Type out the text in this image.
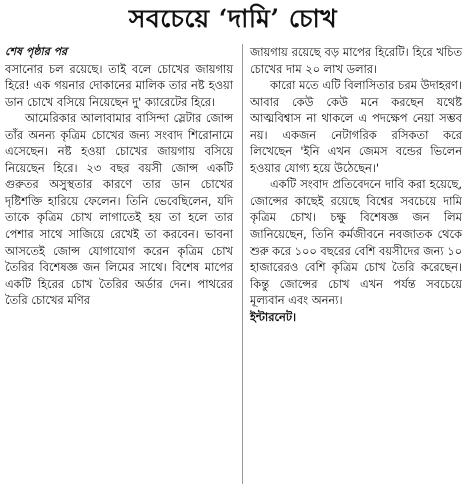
সবচেয়ে ‘দামি’ চোখ

শেষ পৃষ্ঠার পর

বসানোর চল রয়েছে। তাই বলে চোখের জায়গায় হিরে! এক গয়নার দোকানের মালিক তার নষ্ট হওয়া ডান চোখে বসিয়ে নিয়েছেন দু' ক্যারেটের হিরে।

আমেরিকার আলাবামার বাসিন্দা স্লেটার জোন্স তাঁর অনন্য কৃত্রিম চোখের জন্য সংবাদ শিরোনামে এসেছেন। নষ্ট হওয়া চোখের জায়গায় বসিয়ে নিয়েছেন হিরে। ২৩ বছর বয়সী জোন্স একটি গুরুতর অসুস্থতার কারণে তার ডান চোখের দৃষ্টিশক্তি হারিয়ে ফেলেন। তিনি ভেবেছিলেন, যদি তাকে কৃত্রিম চোখ লাগাতেই হয় তা হলে তার পেশার সাথে সাজিয়ে রেখেই তা করবেন। ভাবনা আসতেই জোন্স যোগাযোগ করেন কৃত্রিম চোখ তৈরির বিশেষজ্ঞ জন লিমের সাথে। বিশেষ মাপের একটি হিরের চোখ তৈরির অর্ডার দেন। পাথরের তৈরি চোখের মণির

জায়গায় রয়েছে বড় মাপের হিরেটি। হিরে খচিত চোখের দাম ২০ লাখ ডলার।

কারো মতে এটি বিলাসিতার চরম উদাহরণ। আবার কেউ কেউ মনে করছেন যথেষ্ট আত্মবিশ্বাস না থাকলে এ পদক্ষেপ নেয়া সম্ভব নয়। একজন নেটাগরিক রসিকতা করে লিখেছেন 'ইনি এখন জেমস বন্ডের ভিলেন হওয়ার যোগ্য হয়ে উঠেছেন।'

একটি সংবাদ প্রতিবেদনে দাবি করা হয়েছে, জোন্সের কাছেই রয়েছে বিশ্বের সবচেয়ে দামি কৃত্রিম চোখ। চক্ষু বিশেষজ্ঞ জন লিম জানিয়েছেন, তিনি কর্মজীবনে নবজাতক থেকে শুরু করে ১০০ বছরের বেশি বয়সীদের জন্য ১০ হাজারেরও বেশি কৃত্রিম চোখ তৈরি করেছেন। কিন্তু জোন্সের চোখ এখন পর্যন্ত সবচেয়ে মূল্যবান এবং অনন্য।

ইন্টারনেট।
